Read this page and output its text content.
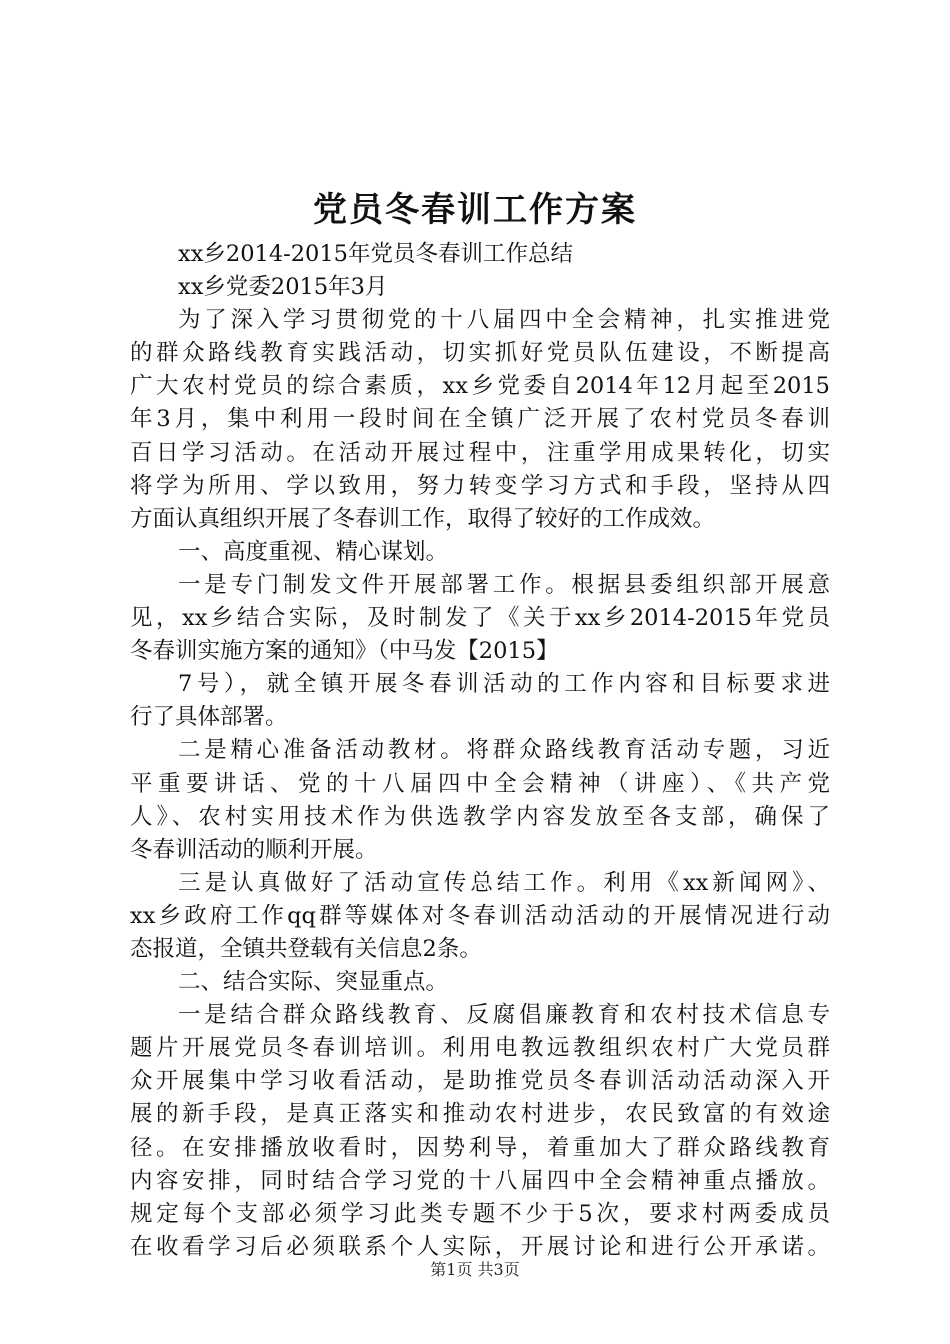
党员冬春训工作方案
xx乡2014-2015年党员冬春训工作总结
xx乡党委2015年3月
为了深入学习贯彻党的十八届四中全会精神，扎实推进党
的群众路线教育实践活动，切实抓好党员队伍建设，不断提高
广大农村党员的综合素质，xx乡党委自2014年12月起至2015
年3月，集中利用一段时间在全镇广泛开展了农村党员冬春训
百日学习活动。在活动开展过程中，注重学用成果转化，切实
将学为所用、学以致用，努力转变学习方式和手段，坚持从四
方面认真组织开展了冬春训工作，取得了较好的工作成效。
一、高度重视、精心谋划。
一是专门制发文件开展部署工作。根据县委组织部开展意
见，xx乡结合实际，及时制发了《关于xx乡2014-2015年党员
冬春训实施方案的通知》（中马发【2015】
7号），就全镇开展冬春训活动的工作内容和目标要求进
行了具体部署。
二是精心准备活动教材。将群众路线教育活动专题，习近
平重要讲话、党的十八届四中全会精神（讲座）、《共产党
人》、农村实用技术作为供选教学内容发放至各支部，确保了
冬春训活动的顺利开展。
三是认真做好了活动宣传总结工作。利用《xx新闻网》、
xx乡政府工作qq群等媒体对冬春训活动活动的开展情况进行动
态报道，全镇共登载有关信息2条。
二、结合实际、突显重点。
一是结合群众路线教育、反腐倡廉教育和农村技术信息专
题片开展党员冬春训培训。利用电教远教组织农村广大党员群
众开展集中学习收看活动，是助推党员冬春训活动活动深入开
展的新手段，是真正落实和推动农村进步，农民致富的有效途
径。在安排播放收看时，因势利导，着重加大了群众路线教育
内容安排，同时结合学习党的十八届四中全会精神重点播放。
规定每个支部必须学习此类专题不少于5次，要求村两委成员
在收看学习后必须联系个人实际，开展讨论和进行公开承诺。
第1页 共3页
